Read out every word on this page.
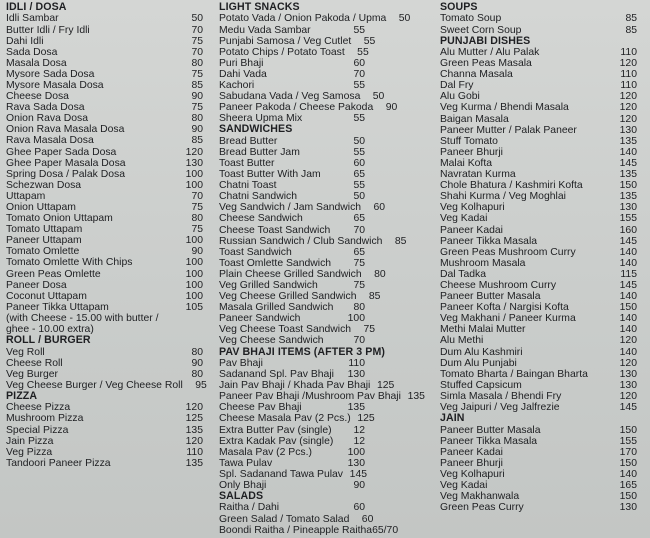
IDLI / DOSA
Idli Sambar	50
Butter Idli / Fry Idli	70
Dahi Idli	75
Sada Dosa	70
Masala Dosa	80
Mysore Sada Dosa	75
Mysore Masala Dosa	85
Cheese Dosa	90
Rava Sada Dosa	75
Onion Rava Dosa	80
Onion Rava Masala Dosa	90
Rava Masala Dosa	85
Ghee Paper Sada Dosa	120
Ghee Paper Masala Dosa	130
Spring Dosa / Palak Dosa	100
Schezwan Dosa	100
Uttapam	70
Onion Uttapam	75
Tomato Onion Uttapam	80
Tomato Uttapam	75
Paneer Uttapam	100
Tomato Omlette	90
Tomato Omlette With Chips	100
Green Peas Omlette	100
Paneer Dosa	100
Coconut Uttapam	100
Paneer Tikka Uttapam	105
(with Cheese - 15.00 with butter /
ghee - 10.00 extra)
ROLL / BURGER
Veg Roll	80
Cheese Roll	90
Veg Burger	80
Veg Cheese Burger / Veg Cheese Roll	95
PIZZA
Cheese Pizza	120
Mushroom Pizza	125
Special Pizza	135
Jain Pizza	120
Veg Pizza	110
Tandoori Paneer Pizza	135
LIGHT SNACKS
Potato Vada / Onion Pakoda / Upma	50
Medu Vada Sambar	55
Punjabi Samosa / Veg Cutlet	55
Potato Chips / Potato Toast	55
Puri Bhaji	60
Dahi Vada	70
Kachori	55
Sabudana Vada / Veg Samosa	50
Paneer Pakoda / Cheese Pakoda	90
Sheera Upma Mix	55
SANDWICHES
Bread Butter	50
Bread Butter Jam	55
Toast Butter	60
Toast Butter With Jam	65
Chatni Toast	55
Chatni Sandwich	50
Veg Sandwich / Jam Sandwich	60
Cheese Sandwich	65
Cheese Toast Sandwich	70
Russian Sandwich / Club Sandwich	85
Toast Sandwich	65
Toast Omlette Sandwich	75
Plain Cheese Grilled Sandwich	80
Veg Grilled Sandwich	75
Veg Cheese Grilled Sandwich	85
Masala Grilled Sandwich	80
Paneer Sandwich	100
Veg Cheese Toast Sandwich	75
Veg Cheese Sandwich	70
PAV BHAJI ITEMS (AFTER 3 PM)
Pav Bhaji	110
Sadanand Spl. Pav Bhaji	130
Jain Pav Bhaji / Khada Pav Bhaji 125
Paneer Pav Bhaji /Mushroom Pav Bhaji 135
Cheese Pav Bhaji	135
Cheese Masala Pav (2 Pcs.) 125
Extra Butter Pav (single)	12
Extra Kadak Pav (single)	12
Masala Pav (2 Pcs.)	100
Tawa Pulav	130
Spl. Sadanand Tawa Pulav 145
Only Bhaji	90
SALADS
Raitha / Dahi	60
Green Salad / Tomato Salad	60
Boondi Raitha / Pineapple Raitha 65/70
SOUPS
Tomato Soup	85
Sweet Corn Soup	85
PUNJABI DISHES
Alu Mutter / Alu Palak	110
Green Peas Masala	120
Channa Masala	110
Dal Fry	110
Alu Gobi	120
Veg Kurma / Bhendi Masala	120
Baigan Masala	120
Paneer Mutter / Palak Paneer	130
Stuff Tomato	135
Paneer Bhurji	140
Malai Kofta	145
Navratan Kurma	135
Chole Bhatura / Kashmiri Kofta	150
Shahi Kurma / Veg Moghlai	135
Veg Kolhapuri	130
Veg Kadai	155
Paneer Kadai	160
Paneer Tikka Masala	145
Green Peas Mushroom Curry	140
Mushroom Masala	140
Dal Tadka	115
Cheese Mushroom Curry	145
Paneer Butter Masala	140
Paneer Kofta / Nargisi Kofta	150
Veg Makhani / Paneer Kurma	140
Methi Malai Mutter	140
Alu Methi	120
Dum Alu Kashmiri	140
Dum Alu Punjabi	120
Tomato Bharta / Baingan Bharta	130
Stuffed Capsicum	130
Simla Masala / Bhendi Fry	120
Veg Jaipuri / Veg Jalfrezie	145
JAIN
Paneer Butter Masala	150
Paneer Tikka Masala	155
Paneer Kadai	170
Paneer Bhurji	150
Veg Kolhapuri	140
Veg Kadai	165
Veg Makhanwala	150
Green Peas Curry	130
